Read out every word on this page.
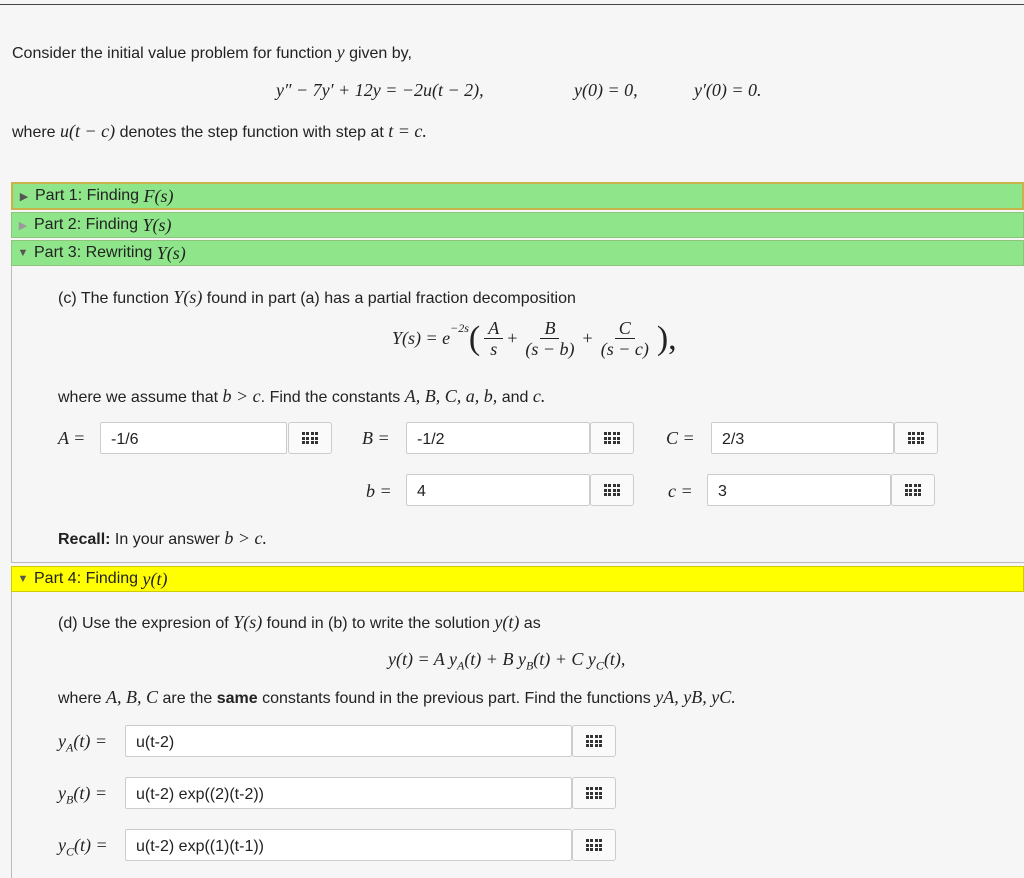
Consider the initial value problem for function y given by,
y″ − 7y′ + 12y = −2u(t − 2),	y(0) = 0,	y′(0) = 0.
where u(t − c) denotes the step function with step at t = c.
▶ Part 1: Finding
F(s)
▶ Part 2: Finding
Y(s)
▼ Part 3: Rewriting
Y(s)
(c) The function Y(s) found in part (a) has a partial fraction decomposition
$Y(s) = e^{-2s}$ ( $\frac{A}{s} + \frac{B}{(s - b)} + \frac{C}{(s - c)}$ ),
where we assume that b > c. Find the constants A, B, C, a, b, and c.
A =	-1/6	B =	-1/2	C =	2/3
b =	4	c =	3
Recall: In your answer b > c.
▼ Part 4: Finding
y(t)
(d) Use the expresion of Y(s) found in (b) to write the solution y(t) as
y(t) = A $y_A(t) + B$ $y_B(t) + C$ $y_C(t)$,
where A, B, C are the same constants found in the previous part. Find the functions yA, yB, yC.
$y_A(t)$ =	u(t-2)
$y_B(t)$ =	u(t-2) exp((2)(t-2))
$y_C(t)$ =	u(t-2) exp((1)(t-1))
